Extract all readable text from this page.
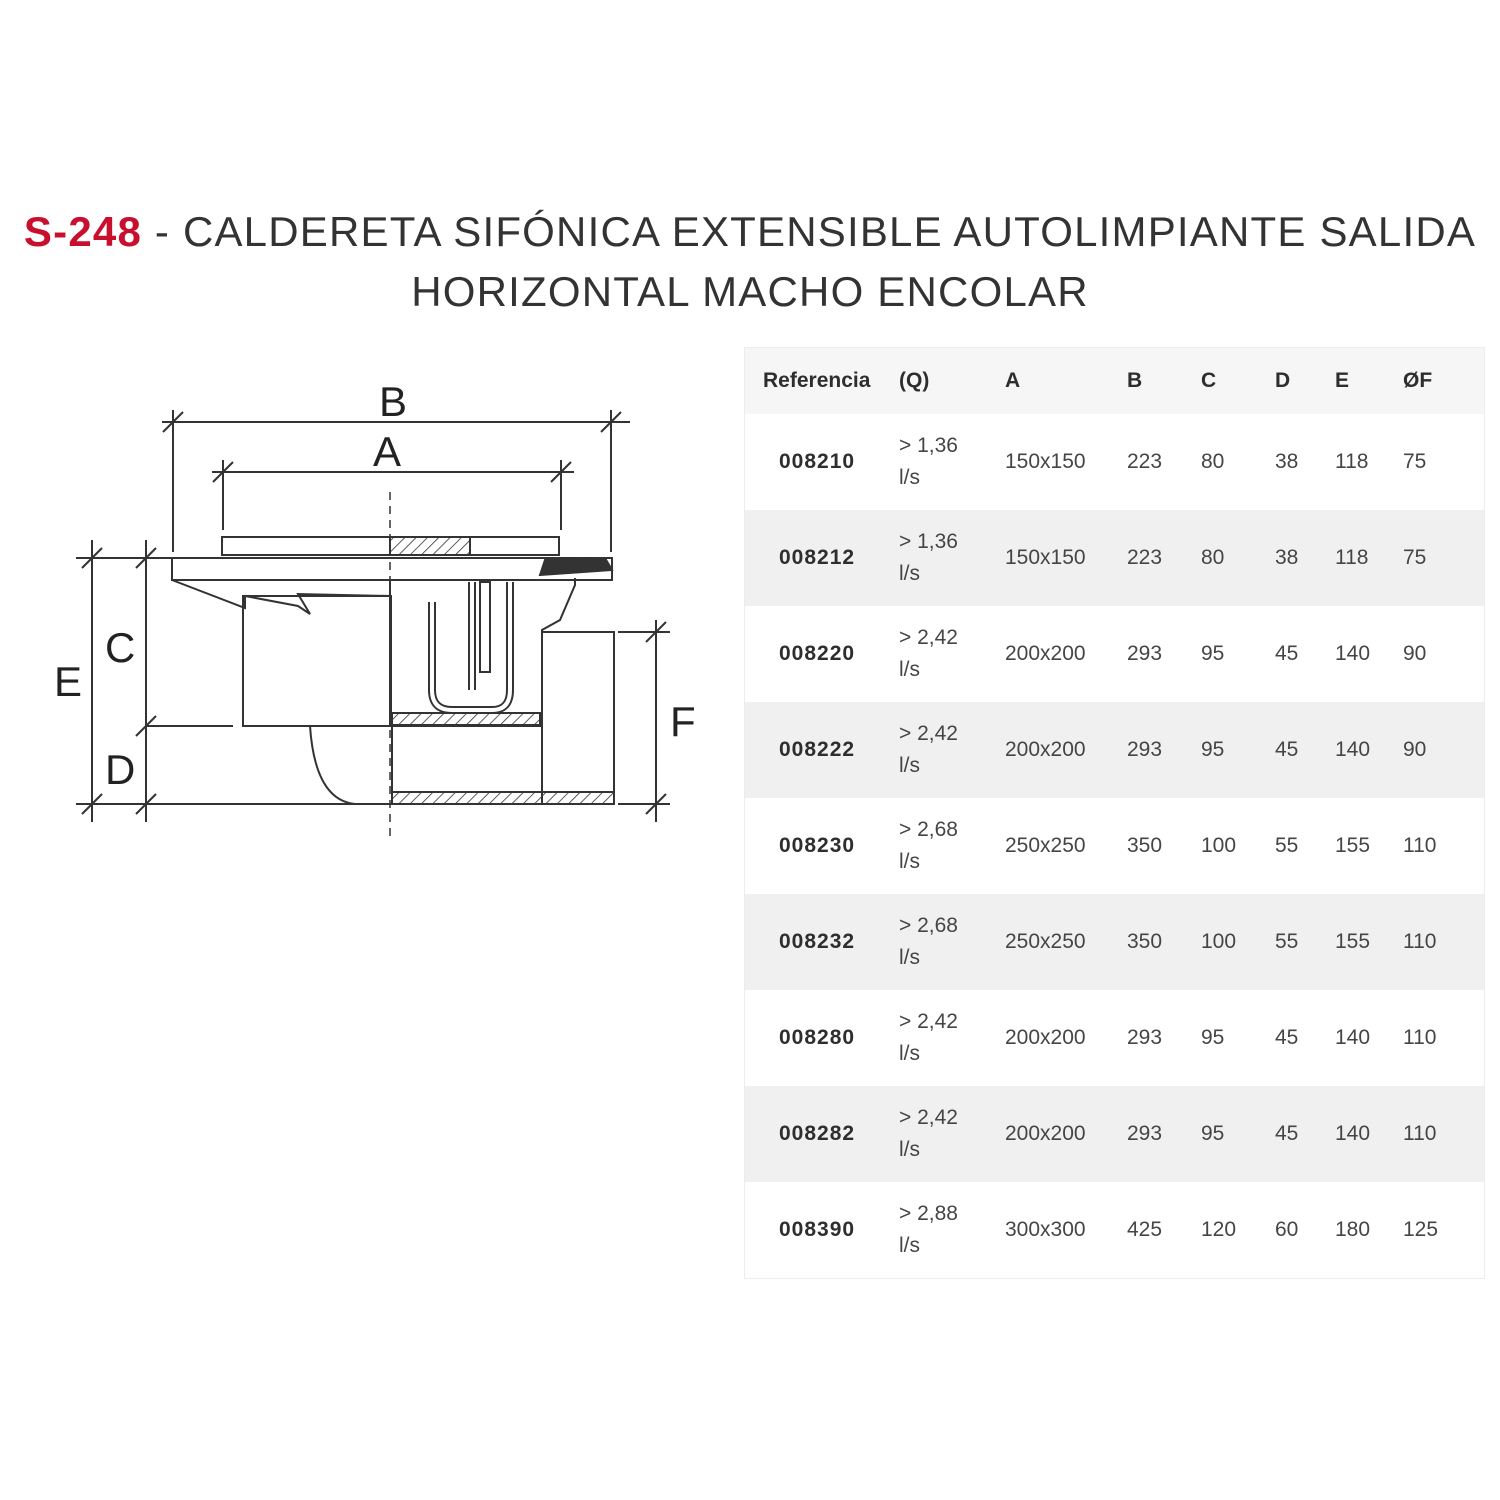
S-248 - CALDERETA SIFÓNICA EXTENSIBLE AUTOLIMPIANTE SALIDA
HORIZONTAL MACHO ENCOLAR
B
A
C
D
E
F
Referencia	(Q)	A	B	C	D	E	ØF
008210	> 1,36
l/s	150x150	223	80	38	118	75
008212	> 1,36
l/s	150x150	223	80	38	118	75
008220	> 2,42
l/s	200x200	293	95	45	140	90
008222	> 2,42
l/s	200x200	293	95	45	140	90
008230	> 2,68
l/s	250x250	350	100	55	155	110
008232	> 2,68
l/s	250x250	350	100	55	155	110
008280	> 2,42
l/s	200x200	293	95	45	140	110
008282	> 2,42
l/s	200x200	293	95	45	140	110
008390	> 2,88
l/s	300x300	425	120	60	180	125
